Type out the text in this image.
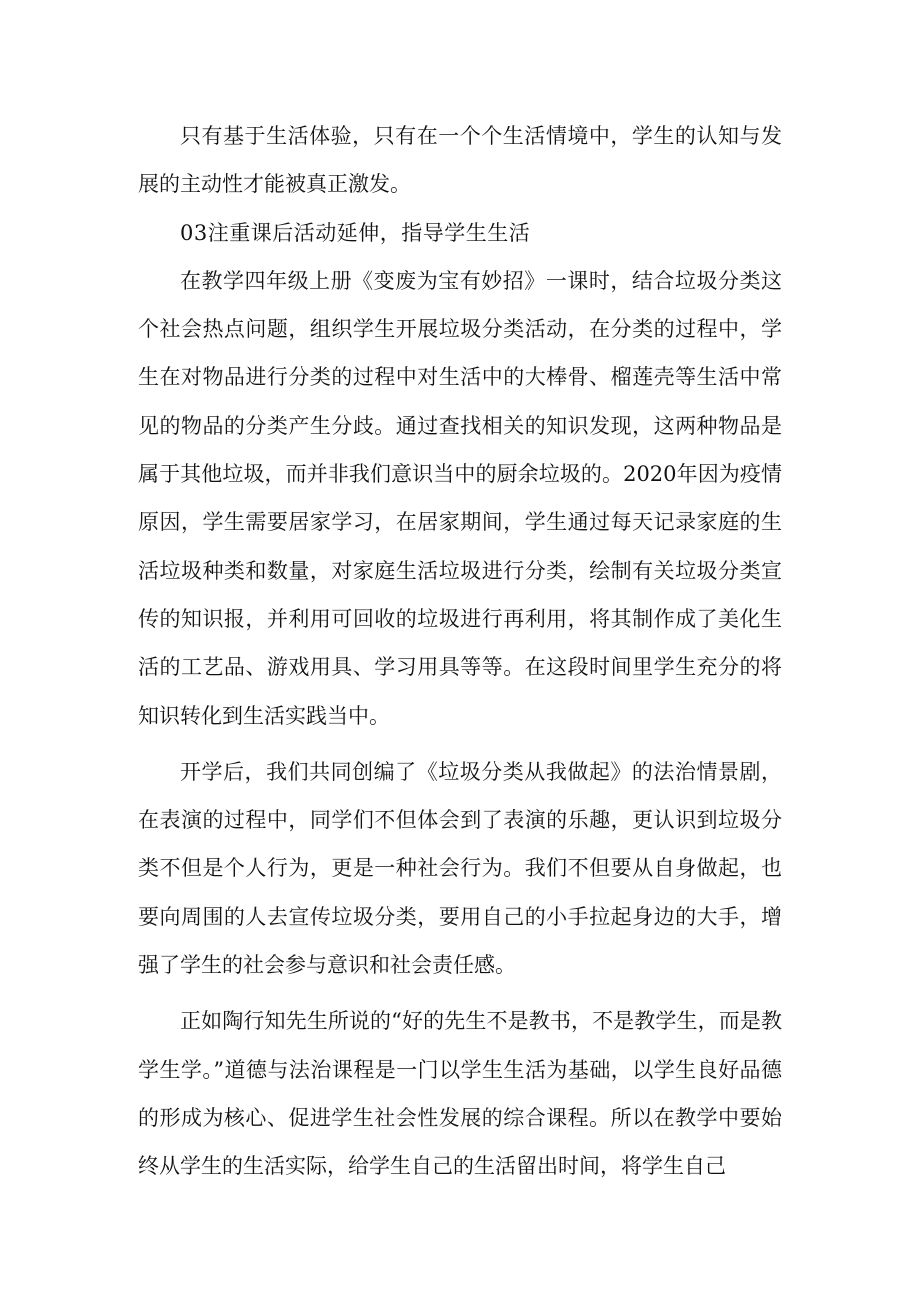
只有基于生活体验，只有在一个个生活情境中，学生的认知与发展的主动性才能被真正激发。

03注重课后活动延伸，指导学生生活

在教学四年级上册《变废为宝有妙招》一课时，结合垃圾分类这个社会热点问题，组织学生开展垃圾分类活动，在分类的过程中，学生在对物品进行分类的过程中对生活中的大棒骨、榴莲壳等生活中常见的物品的分类产生分歧。通过查找相关的知识发现，这两种物品是属于其他垃圾，而并非我们意识当中的厨余垃圾的。2020年因为疫情原因，学生需要居家学习，在居家期间，学生通过每天记录家庭的生活垃圾种类和数量，对家庭生活垃圾进行分类，绘制有关垃圾分类宣传的知识报，并利用可回收的垃圾进行再利用，将其制作成了美化生活的工艺品、游戏用具、学习用具等等。在这段时间里学生充分的将知识转化到生活实践当中。

开学后，我们共同创编了《垃圾分类从我做起》的法治情景剧，在表演的过程中，同学们不但体会到了表演的乐趣，更认识到垃圾分类不但是个人行为，更是一种社会行为。我们不但要从自身做起，也要向周围的人去宣传垃圾分类，要用自己的小手拉起身边的大手，增强了学生的社会参与意识和社会责任感。

正如陶行知先生所说的“好的先生不是教书，不是教学生，而是教学生学。”道德与法治课程是一门以学生生活为基础，以学生良好品德的形成为核心、促进学生社会性发展的综合课程。所以在教学中要始终从学生的生活实际，给学生自己的生活留出时间，将学生自己
